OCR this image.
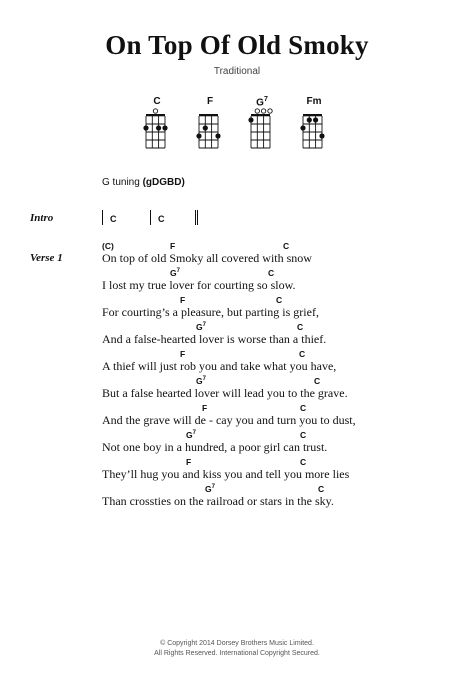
On Top Of Old Smoky
Traditional
C	F	$G^7$	Fm
G tuning (gDGBD)
Intro	C	C
Verse 1
(C)	F	C
On top of old Smoky all covered with snow
$G^7$	C
I lost my true lover for courting so slow.
F	C
For courting’s a pleasure, but parting is grief,
$G^7$	C
And a false-hearted lover is worse than a thief.
F	C
A thief will just rob you and take what you have,
$G^7$	C
But a false hearted lover will lead you to the grave.
F	C
And the grave will de - cay you and turn you to dust,
$G^7$	C
Not one boy in a hundred, a poor girl can trust.
F	C
They’ll hug you and kiss you and tell you more lies
$G^7$	C
Than crossties on the railroad or stars in the sky.
© Copyright 2014 Dorsey Brothers Music Limited.
All Rights Reserved. International Copyright Secured.
